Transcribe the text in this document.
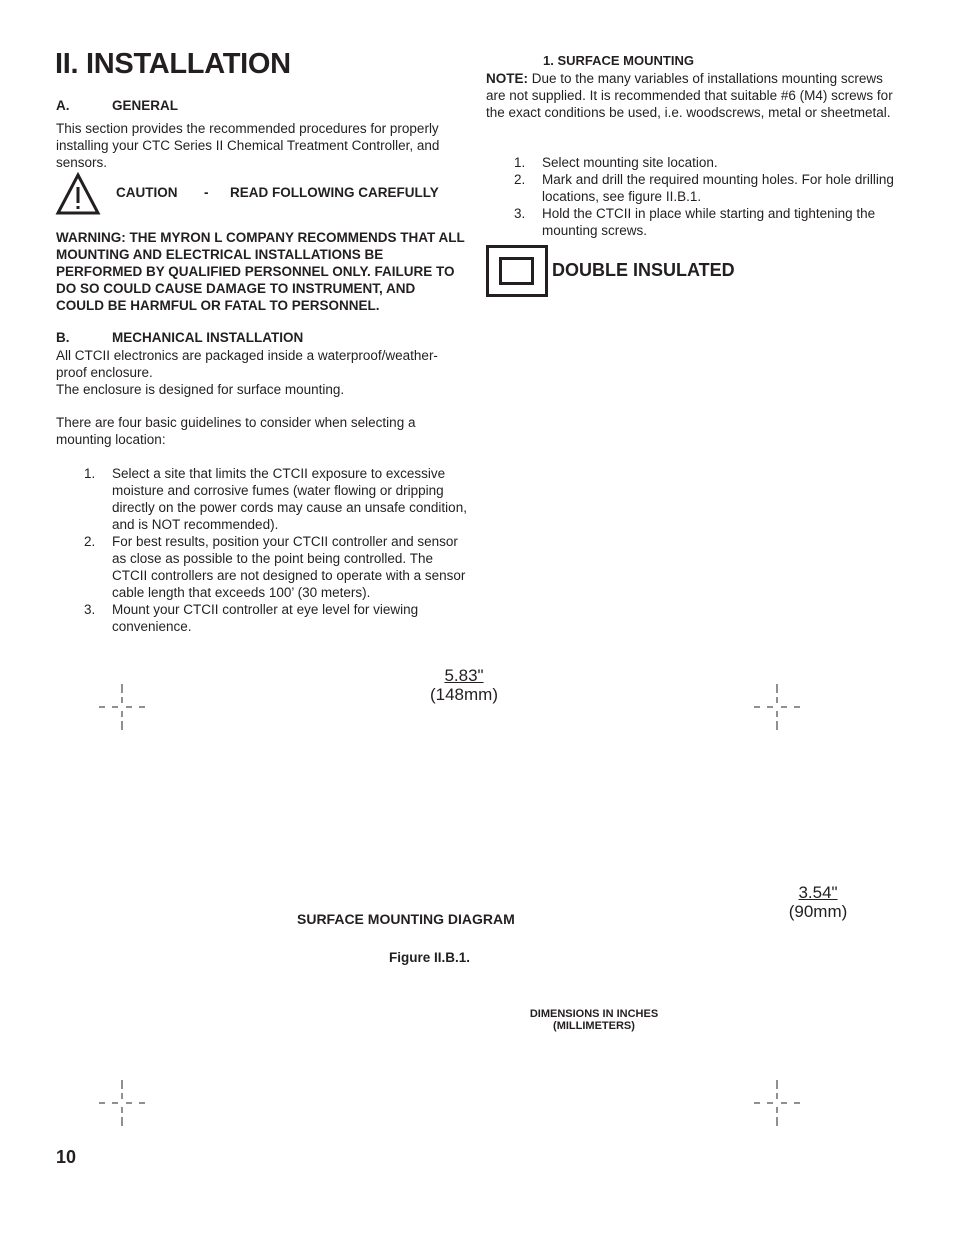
II. INSTALLATION
A.	GENERAL
This section provides the recommended procedures for properly installing your CTC Series II Chemical Treatment Controller, and sensors.
CAUTION - READ FOLLOWING CAREFULLY
WARNING: THE MYRON L COMPANY RECOMMENDS THAT ALL MOUNTING AND ELECTRICAL INSTALLATIONS BE PERFORMED BY QUALIFIED PERSONNEL ONLY. FAILURE TO DO SO COULD CAUSE DAMAGE TO INSTRUMENT, AND COULD BE HARMFUL OR FATAL TO PERSONNEL.
B.	MECHANICAL INSTALLATION
All CTCII electronics are packaged inside a waterproof/weather-proof enclosure.
The enclosure is designed for surface mounting.
There are four basic guidelines to consider when selecting a mounting location:
1. Select a site that limits the CTCII exposure to excessive moisture and corrosive fumes (water flowing or dripping directly on the power cords may cause an unsafe condition, and is NOT recommended).
2. For best results, position your CTCII controller and sensor as close as possible to the point being controlled. The CTCII controllers are not designed to operate with a sensor cable length that exceeds 100’ (30 meters).
3. Mount your CTCII controller at eye level for viewing convenience.
1. SURFACE MOUNTING
NOTE: Due to the many variables of installations mounting screws are not supplied. It is recommended that suitable #6 (M4) screws for the exact conditions be used, i.e. woodscrews, metal or sheetmetal.
1. Select mounting site location.
2. Mark and drill the required mounting holes. For hole drilling locations, see figure II.B.1.
3. Hold the CTCII in place while starting and tightening the mounting screws.
DOUBLE INSULATED
5.83"
(148mm)
3.54"
(90mm)
SURFACE MOUNTING DIAGRAM
Figure II.B.1.
DIMENSIONS IN INCHES
(MILLIMETERS)
10
